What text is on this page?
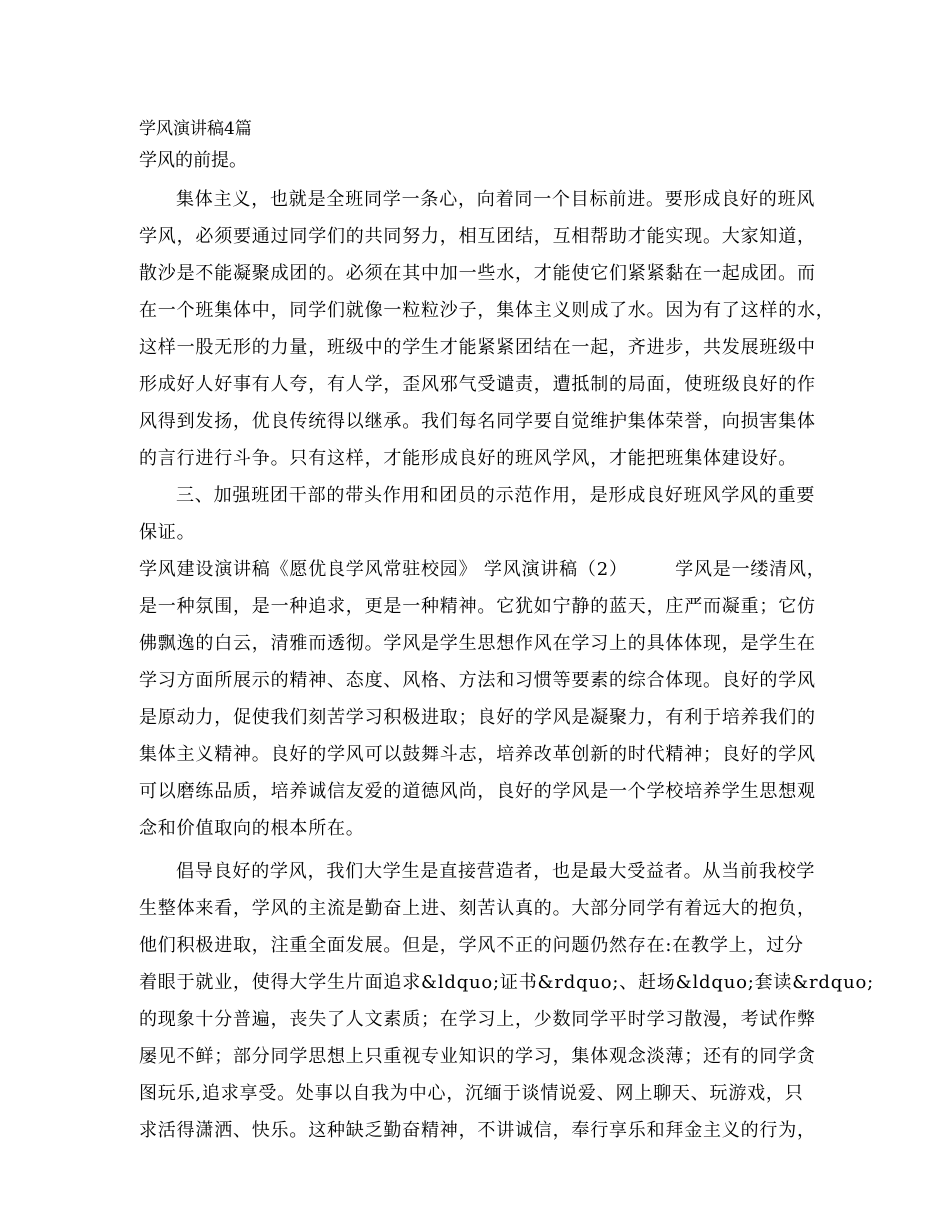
学风演讲稿4篇
学风的前提。
集体主义，也就是全班同学一条心，向着同一个目标前进。要形成良好的班风
学风，必须要通过同学们的共同努力，相互团结，互相帮助才能实现。大家知道，
散沙是不能凝聚成团的。必须在其中加一些水，才能使它们紧紧黏在一起成团。而
在一个班集体中，同学们就像一粒粒沙子，集体主义则成了水。因为有了这样的水，
这样一股无形的力量，班级中的学生才能紧紧团结在一起，齐进步，共发展班级中
形成好人好事有人夸，有人学，歪风邪气受谴责，遭抵制的局面，使班级良好的作
风得到发扬，优良传统得以继承。我们每名同学要自觉维护集体荣誉，向损害集体
的言行进行斗争。只有这样，才能形成良好的班风学风，才能把班集体建设好。
三、加强班团干部的带头作用和团员的示范作用，是形成良好班风学风的重要
保证。
学风建设演讲稿《愿优良学风常驻校园》 学风演讲稿（2）　　　学风是一缕清风，
是一种氛围，是一种追求，更是一种精神。它犹如宁静的蓝天，庄严而凝重；它仿
佛飘逸的白云，清雅而透彻。学风是学生思想作风在学习上的具体体现，是学生在
学习方面所展示的精神、态度、风格、方法和习惯等要素的综合体现。良好的学风
是原动力，促使我们刻苦学习积极进取；良好的学风是凝聚力，有利于培养我们的
集体主义精神。良好的学风可以鼓舞斗志，培养改革创新的时代精神；良好的学风
可以磨练品质，培养诚信友爱的道德风尚，良好的学风是一个学校培养学生思想观
念和价值取向的根本所在。
倡导良好的学风，我们大学生是直接营造者，也是最大受益者。从当前我校学
生整体来看，学风的主流是勤奋上进、刻苦认真的。大部分同学有着远大的抱负，
他们积极进取，注重全面发展。但是，学风不正的问题仍然存在:在教学上，过分
着眼于就业，使得大学生片面追求&ldquo;证书&rdquo;、赶场&ldquo;套读&rdquo;
的现象十分普遍，丧失了人文素质；在学习上，少数同学平时学习散漫，考试作弊
屡见不鲜；部分同学思想上只重视专业知识的学习，集体观念淡薄；还有的同学贪
图玩乐,追求享受。处事以自我为中心，沉缅于谈情说爱、网上聊天、玩游戏，只
求活得潇洒、快乐。这种缺乏勤奋精神，不讲诚信，奉行享乐和拜金主义的行为，
